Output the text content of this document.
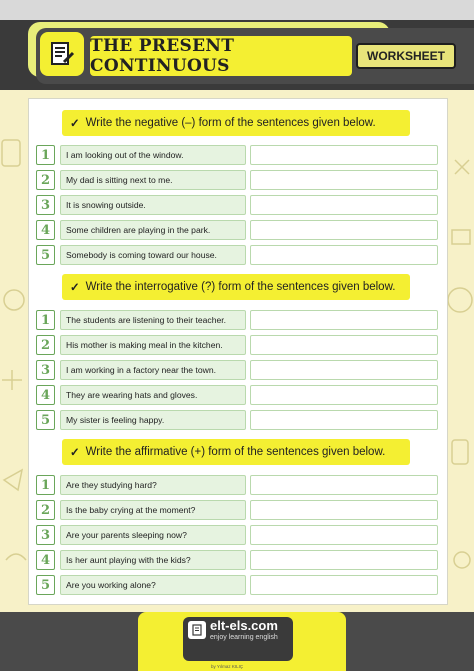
THE PRESENT CONTINUOUS	WORKSHEET
✓ Write the negative (–) form of the sentences given below.
1	I am looking out of the window.
2	My dad is sitting next to me.
3	It is snowing outside.
4	Some children are playing in the park.
5	Somebody is coming toward our house.
✓ Write the interrogative (?) form of the sentences given below.
1	The students are listening to their teacher.
2	His mother is making meal in the kitchen.
3	I am working in a factory near the town.
4	They are wearing hats and gloves.
5	My sister is feeling happy.
✓ Write the affirmative (+) form of the sentences given below.
1	Are they studying hard?
2	Is the baby crying at the moment?
3	Are your parents sleeping now?
4	Is her aunt playing with the kids?
5	Are you working alone?
elt-els.com
enjoy learning english
by Yılmaz KILIÇ
